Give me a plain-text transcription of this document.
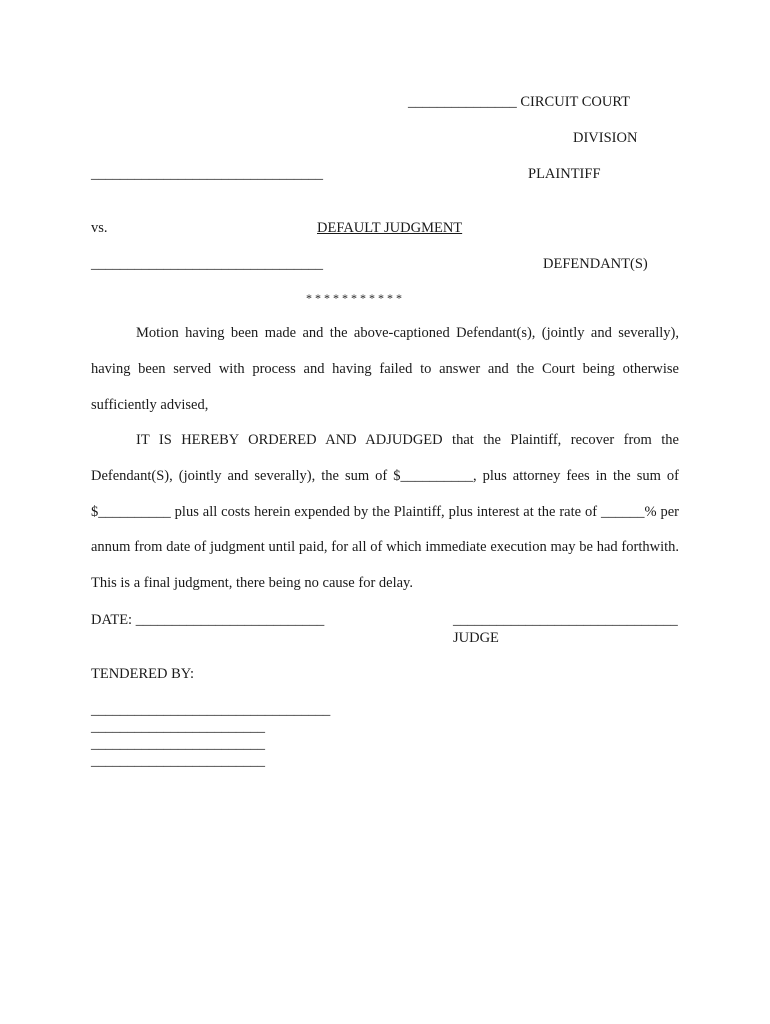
_______________ CIRCUIT COURT
DIVISION
________________________________	PLAINTIFF
vs.	DEFAULT JUDGMENT
________________________________	DEFENDANT(S)
* * * * * * * * * * *
Motion having been made and the above-captioned Defendant(s), (jointly and severally), having been served with process and having failed to answer and the Court being otherwise sufficiently advised,
IT IS HEREBY ORDERED AND ADJUDGED that the Plaintiff, recover from the Defendant(S), (jointly and severally), the sum of $__________, plus attorney fees in the sum of $__________ plus all costs herein expended by the Plaintiff, plus interest at the rate of ______% per annum from date of judgment until paid, for all of which immediate execution may be had forthwith. This is a final judgment, there being no cause for delay.
DATE: __________________________	_______________________________
JUDGE
TENDERED BY:
_________________________________
________________________
________________________
________________________
